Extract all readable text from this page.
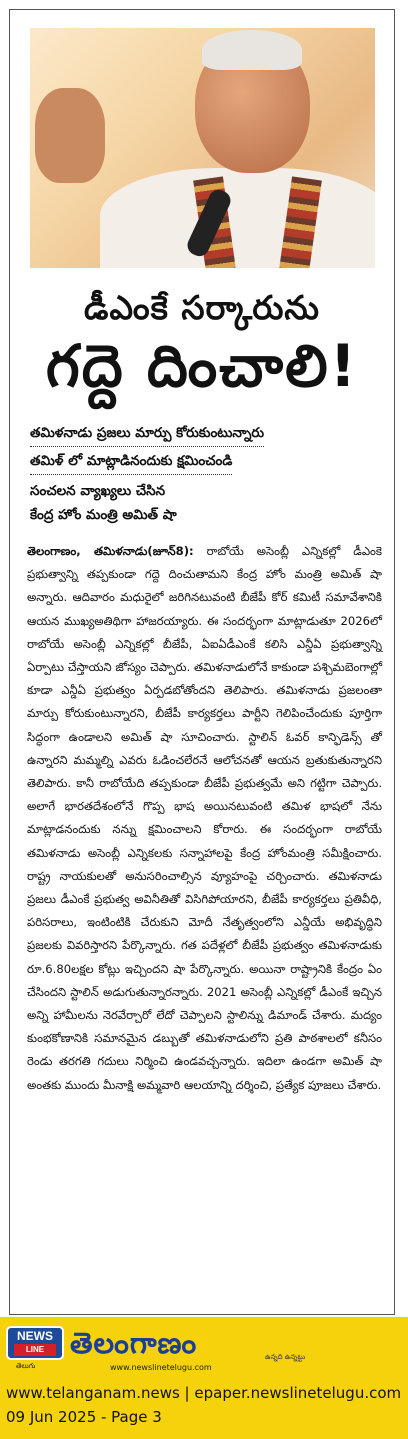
డీఎంకే సర్కారును
గద్దె దించాలి!
తమిళనాడు ప్రజలు మార్పు కోరుకుంటున్నారు
తమిళ్ లో మాట్లాడినందుకు క్షమించండి
సంచలన వ్యాఖ్యలు చేసిన
కేంద్ర హోం మంత్రి అమిత్ షా
తెలంగాణం, తమిళనాడు(జూన్8): రాబోయే అసెంబ్లీ ఎన్నికల్లో డీఎంకె ప్రభుత్వాన్ని తప్పకుండా గద్దె దించుతామని కేంద్ర హోం మంత్రి అమిత్ షా అన్నారు. ఆదివారం మధురైలో జరిగినటువంటి బీజేపీ కోర్ కమిటీ సమావేశానికి ఆయన ముఖ్యఅతిథిగా హాజరయ్యారు. ఈ సందర్భంగా మాట్లాడుతూ 2026లో రాబోయే అసెంబ్లీ ఎన్నికల్లో బీజేపీ, ఏఐఏడీఎంకే కలిసి ఎన్డీఏ ప్రభుత్వాన్ని ఏర్పాటు చేస్తాయని జోస్యం చెప్పారు. తమిళనాడులోనే కాకుండా పశ్చిమబెంగాల్లో కూడా ఎన్డీఏ ప్రభుత్వం ఏర్పడబోతోందని తెలిపారు. తమిళనాడు ప్రజలంతా మార్పు కోరుకుంటున్నారని, బీజేపీ కార్యకర్తలు పార్టీని గెలిపించేందుకు పూర్తిగా సిద్ధంగా ఉండాలని అమిత్ షా సూచించారు. స్టాలిన్ ఓవర్ కాన్ఫిడెన్స్ తో ఉన్నారని మమ్మల్ని ఎవరు ఓడించలేరనే ఆలోచనతో ఆయన బ్రతుకుతున్నారని తెలిపారు. కానీ రాబోయేది తప్పకుండా బీజేపీ ప్రభుత్వమే అని గట్టిగా చెప్పారు. అలాగే భారతదేశంలోనే గొప్ప భాష అయినటువంటి తమిళ భాషలో నేను మాట్లాడనందుకు నన్ను క్షమించాలని కోరారు. ఈ సందర్భంగా రాబోయే తమిళనాడు అసెంబ్లీ ఎన్నికలకు సన్నాహాలపై కేంద్ర హోంమంత్రి సమీక్షించారు. రాష్ట్ర నాయకులతో అనుసరించాల్సిన వ్యూహంపై చర్చించారు. తమిళనాడు ప్రజలు డీఎంకే ప్రభుత్వ అవినీతితో విసిగిపోయారని, బీజేపీ కార్యకర్తలు ప్రతివీధి, పరిసరాలు, ఇంటింటికి చేరుకుని మోదీ నేతృత్వంలోని ఎన్డీయే అభివృద్ధిని ప్రజలకు వివరిస్తారని పేర్కొన్నారు. గత పదేళ్లలో బీజేపీ ప్రభుత్వం తమిళనాడుకు రూ.6.80లక్షల కోట్లు ఇచ్చిందని షా పేర్కొన్నారు. అయినా రాష్ట్రానికి కేంద్రం ఏం చేసిందని స్టాలిన్ అడుగుతున్నారన్నారు. 2021 అసెంబ్లీ ఎన్నికల్లో డీఎంకే ఇచ్చిన అన్ని హామీలను నెరవేర్చారో లేదో చెప్పాలని స్టాలిన్ను డిమాండ్ చేశారు. మద్యం కుంభకోణానికి సమానమైన డబ్బుతో తమిళనాడులోని ప్రతి పాఠశాలలో కనీసం రెండు తరగతి గదులు నిర్మించి ఉండవచ్చన్నారు. ఇదిలా ఉండగా అమిత్ షా అంతకు ముందు మీనాక్షి అమ్మవారి ఆలయాన్ని దర్శించి, ప్రత్యేక పూజలు చేశారు.
NEWS
LINE
తెలుగు
తెలంగాణం	ఉన్నది ఉన్నట్టు
www.newslinetelugu.com
www.telanganam.news | epaper.newslinetelugu.com
09 Jun 2025 - Page 3
